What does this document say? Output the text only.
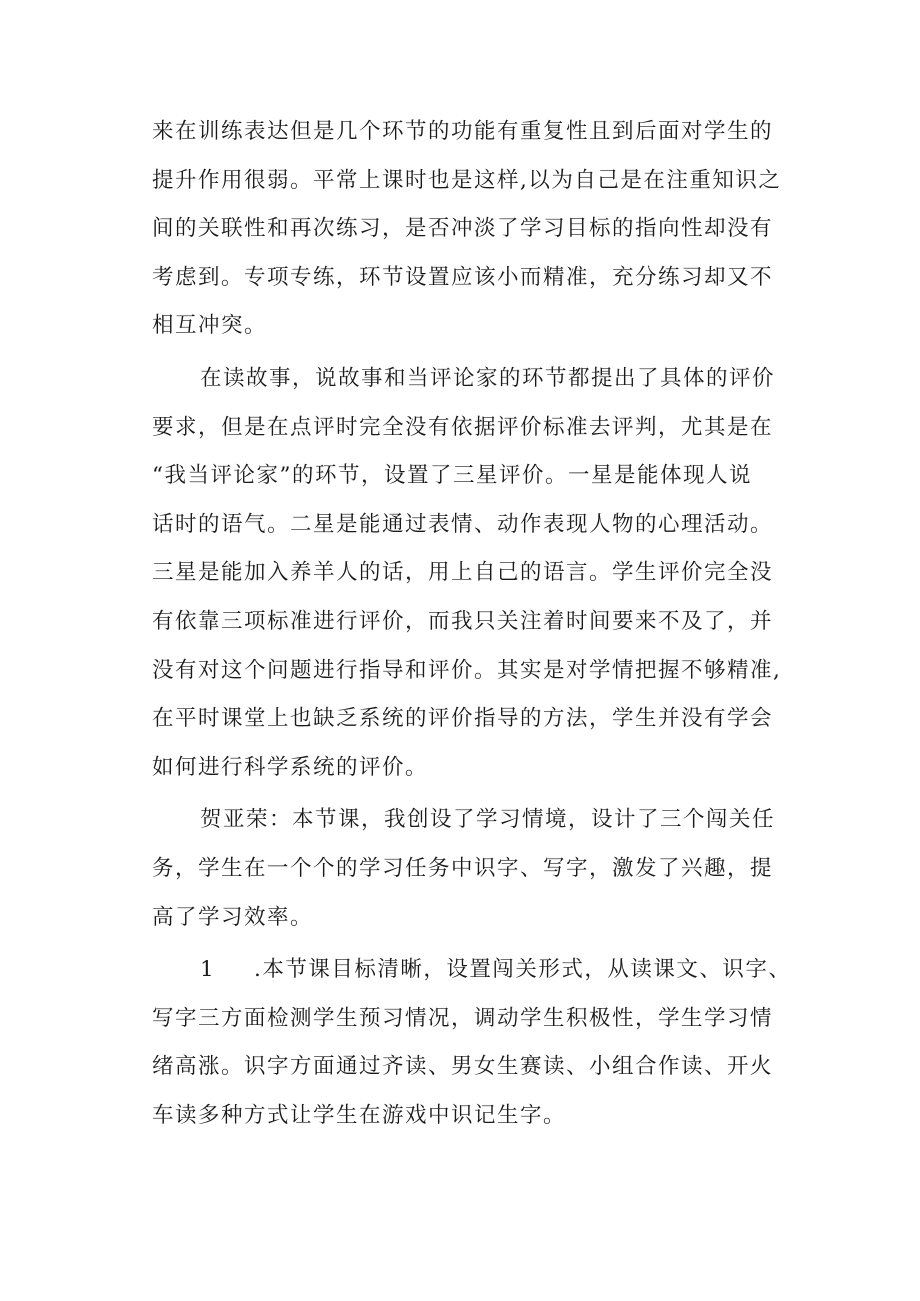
来在训练表达但是几个环节的功能有重复性且到后面对学生的
提升作用很弱。平常上课时也是这样,以为自己是在注重知识之
间的关联性和再次练习，是否冲淡了学习目标的指向性却没有
考虑到。专项专练，环节设置应该小而精准，充分练习却又不
相互冲突。
在读故事，说故事和当评论家的环节都提出了具体的评价
要求，但是在点评时完全没有依据评价标准去评判，尤其是在
“我当评论家”的环节，设置了三星评价。一星是能体现人说
话时的语气。二星是能通过表情、动作表现人物的心理活动。
三星是能加入养羊人的话，用上自己的语言。学生评价完全没
有依靠三项标准进行评价，而我只关注着时间要来不及了，并
没有对这个问题进行指导和评价。其实是对学情把握不够精准,
在平时课堂上也缺乏系统的评价指导的方法，学生并没有学会
如何进行科学系统的评价。
贺亚荣：本节课，我创设了学习情境，设计了三个闯关任
务，学生在一个个的学习任务中识字、写字，激发了兴趣，提
高了学习效率。
1 .本节课目标清晰，设置闯关形式，从读课文、识字、
写字三方面检测学生预习情况，调动学生积极性，学生学习情
绪高涨。识字方面通过齐读、男女生赛读、小组合作读、开火
车读多种方式让学生在游戏中识记生字。
